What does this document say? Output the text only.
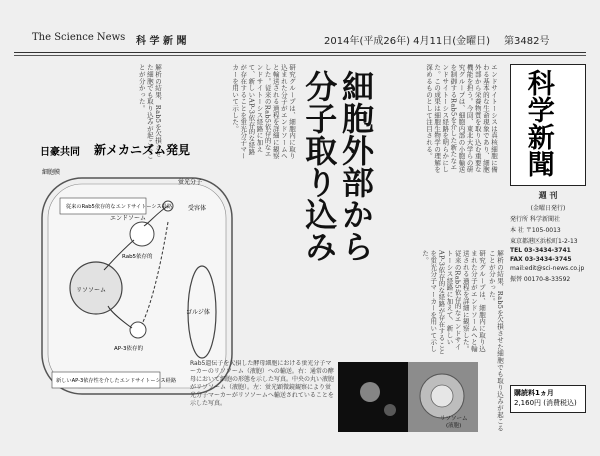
The Science News 科 学 新 聞	2014年(平成26年) 4月11日(金曜日) 第3482号
エンドサイトーシスは真核細胞に備わる基本的な生命現象であり、細胞外部から栄養物質を取り込む重要な機能を担う。今回、東北大学らの研究グループは、細胞内部の小胞輸送を制御するRab5を介した新たなエンドサイトーシス経路を明らかにした。この成果は細胞生物学の理解を深めるものとして注目される。
細胞外部から分子取り込み
研究グループは、細胞内に取り込まれた分子がエンドソームへと輸送される過程を詳細に観察した。従来のRab5依存的なエンドサイトーシス経路に加えて、新しいAP-3依存的な経路が存在することを蛍光分子マーカーを用いて示した。
解析の結果、Rab5を欠損させた細胞でも取り込みが起こることが分かった。
日豪共同 新メカニズム発見
従来のRab5依存的なエンドサイトーシス経路
新しいAP-3依存性を介したエンドサイトーシス経路
蛍光分子
受容体
細胞膜
エンドソーム
Rab5依存的
リソソーム
ゴルジ体
AP-3依存的	研究グループは、細胞内に取り込まれた分子がエンドソームへと輸送される過程を詳細に観察した。従来のRab5依存的なエンドサイトーシス経路に加えて、新しいAP-3依存的な経路が存在することを蛍光分子マーカーを用いて示した。
Rab5遺伝子を欠損した酵母細胞における蛍光分子マーカーのリソソーム（液胞）への輸送。右：通常の酵母において細胞の形態を示した写真。中央の丸い液胞がリソソーム（液胞）。左：蛍光顕微鏡観察により蛍光分子マーカーがリソソームへ輸送されていることを示した写真。
リソソーム
(液胞)	解析の結果、Rab5を欠損させた細胞でも取り込みが起こることが分かった。
科学新聞
週 刊
(金曜日発行)
発行所 科学新聞社
本 社 〒105-0013
東京都港区浜松町1-2-13
TEL 03-3434-3741
FAX 03-3434-3745
mail:edit@sci-news.co.jp
振替 00170-8-33592
購読料1ヵ月
2,160円 (消費税込)
